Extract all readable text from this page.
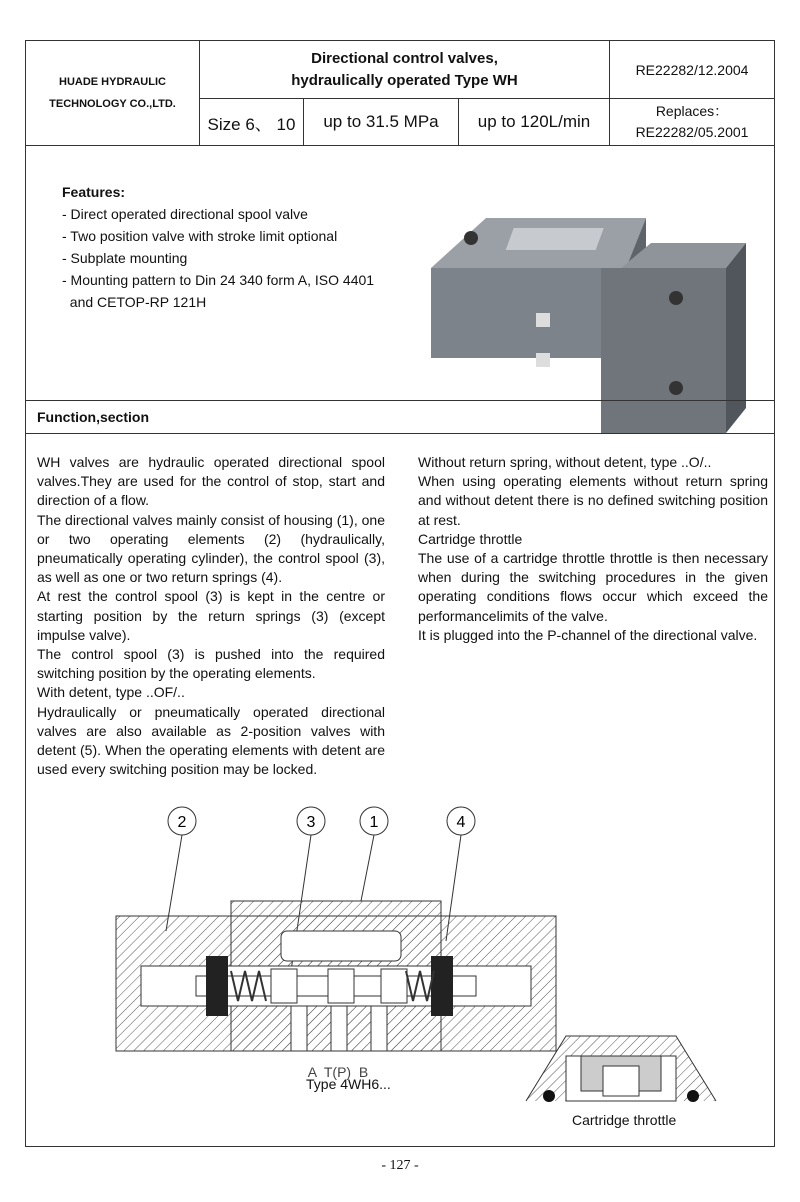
HUADE HYDRAULIC
TECHNOLOGY CO.,LTD.
Directional control valves,
hydraulically operated Type WH
RE22282/12.2004
Size 6、 10	up to 31.5 MPa	up to 120L/min
Replaces：
RE22282/05.2001
Features:
- Direct operated directional spool valve
- Two position valve with stroke limit optional
- Subplate mounting
- Mounting pattern to Din 24 340 form A, ISO 4401
and CETOP-RP 121H
Function,section

WH valves are hydraulic operated directional spool valves.They are used for the control of stop, start and direction of a flow.

The directional valves mainly consist of housing (1), one or two operating elements (2) (hydraulically, pneumatically operating cylinder), the control spool (3), as well as one or two return springs (4).

At rest the control spool (3) is kept in the centre or starting position by the return springs (3) (except impulse valve).

The control spool (3) is pushed into the required switching position by the operating elements.

With detent, type ..OF/..

Hydraulically or pneumatically operated directional valves are also available as 2-position valves with detent (5). When the operating elements with detent are used every switching position may be locked.

Without return spring, without detent, type ..O/..

When using operating elements without return spring and without detent there is no defined switching position at rest.

Cartridge throttle

The use of a cartridge throttle throttle is then necessary when during the switching procedures in the given operating conditions flows occur which exceed the performancelimits of the valve.

It is plugged into the P-channel of the directional valve.

2	3	1	4
A  T(P)  B
Type 4WH6...
Cartridge throttle
- 127 -
